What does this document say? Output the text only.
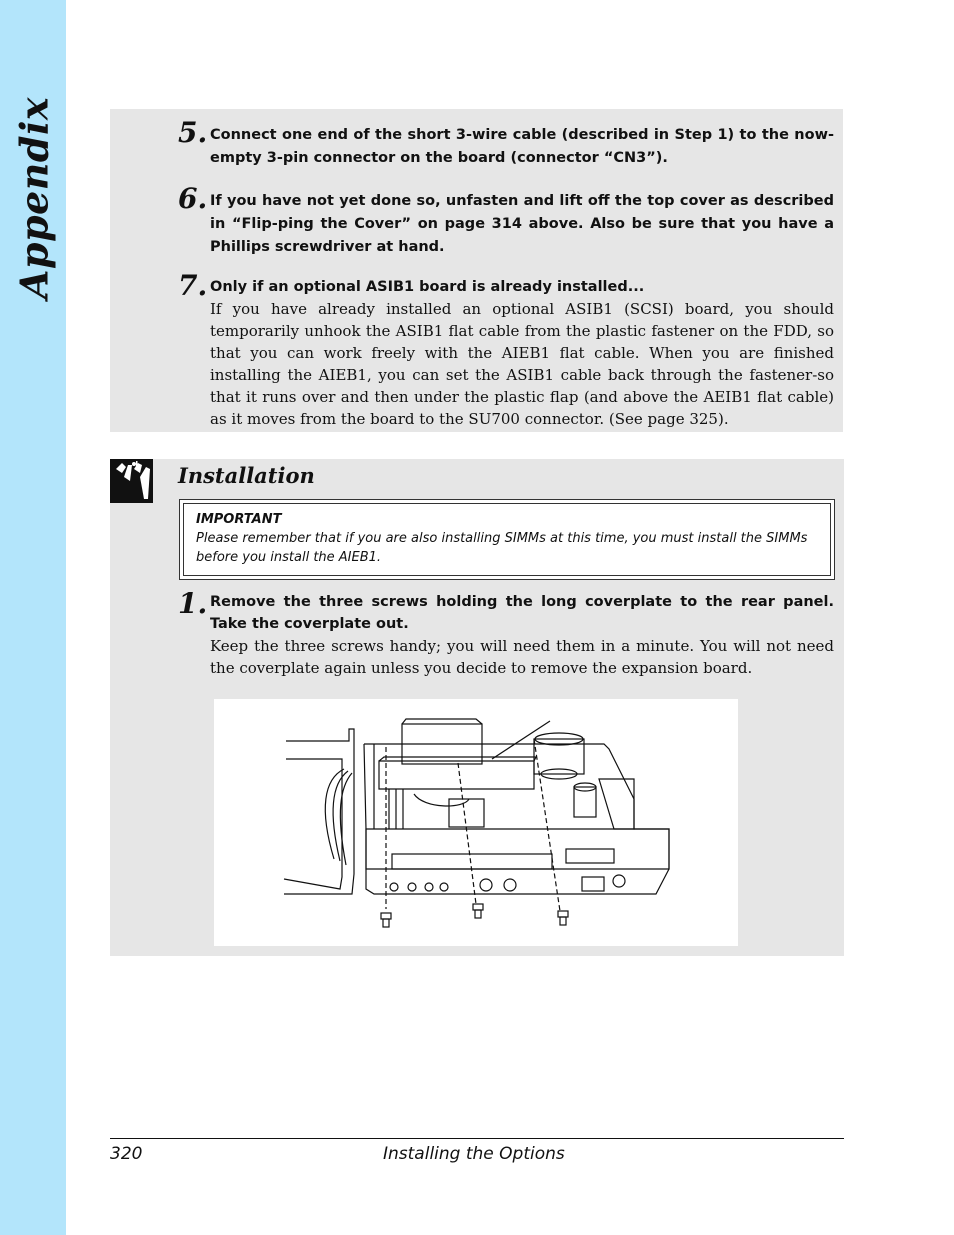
Appendix	5. Connect one end of the short 3-wire cable (described in Step 1) to the now-empty 3-pin connector on the board (connector “CN3”).
6. If you have not yet done so, unfasten and lift off the top cover as described in “Flip-ping the Cover” on page 314 above. Also be sure that you have a Phillips screwdriver at hand.
7. Only if an optional ASIB1 board is already installed...
If you have already installed an optional ASIB1 (SCSI) board, you should temporarily unhook the ASIB1 flat cable from the plastic fastener on the FDD, so that you can work freely with the AIEB1 flat cable. When you are finished installing the AIEB1, you can set the ASIB1 cable back through the fastener-so that it runs over and then under the plastic flap (and above the AEIB1 flat cable) as it moves from the board to the SU700 connector. (See page 325).
Installation
IMPORTANT
Please remember that if you are also installing SIMMs at this time, you must install the SIMMs before you install the AIEB1.
1. Remove the three screws holding the long coverplate to the rear panel. Take the coverplate out.
Keep the three screws handy; you will need them in a minute. You will not need the coverplate again unless you decide to remove the expansion board.
320	Installing the Options
